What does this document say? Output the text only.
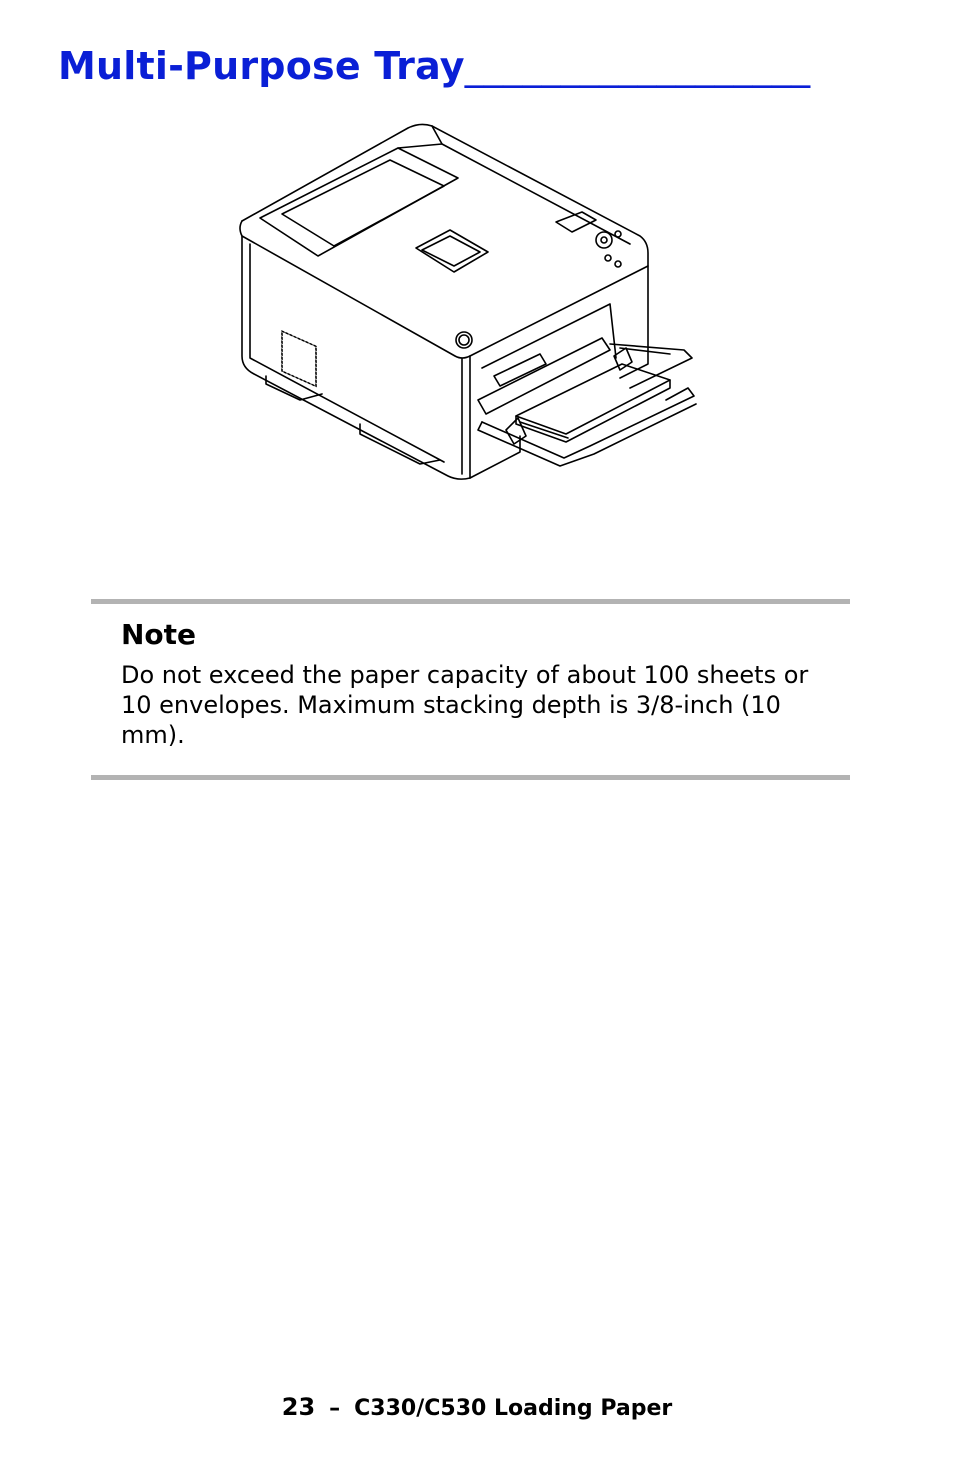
Multi-Purpose Tray__________________
Note

Do not exceed the paper capacity of about 100 sheets or 10 envelopes. Maximum stacking depth is 3/8-inch (10 mm).

23 – C330/C530 Loading Paper
